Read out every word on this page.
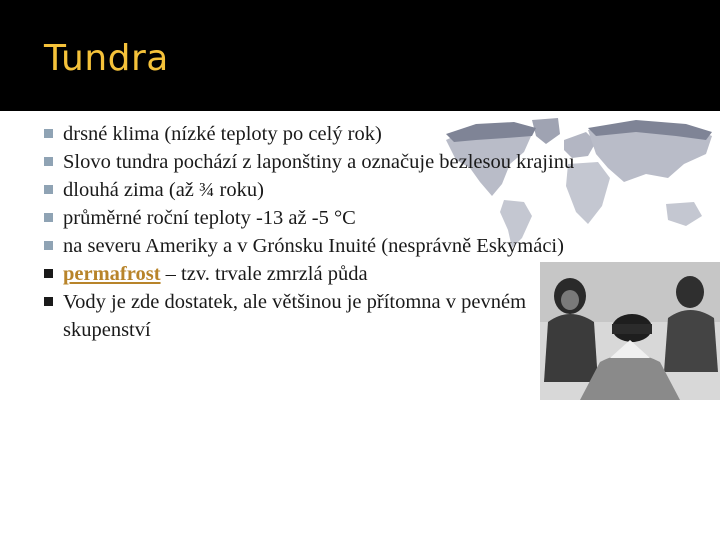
Tundra
drsné klima (nízké teploty po celý rok)
Slovo tundra pochází z laponštiny a označuje bezlesou krajinu
dlouhá zima (až ¾ roku)
průměrné roční teploty -13 až -5 °C
na severu Ameriky a v Grónsku Inuité (nesprávně Eskymáci)
permafrost – tzv. trvale zmrzlá půda
Vody je zde dostatek, ale většinou je přítomna v pevném skupenství
